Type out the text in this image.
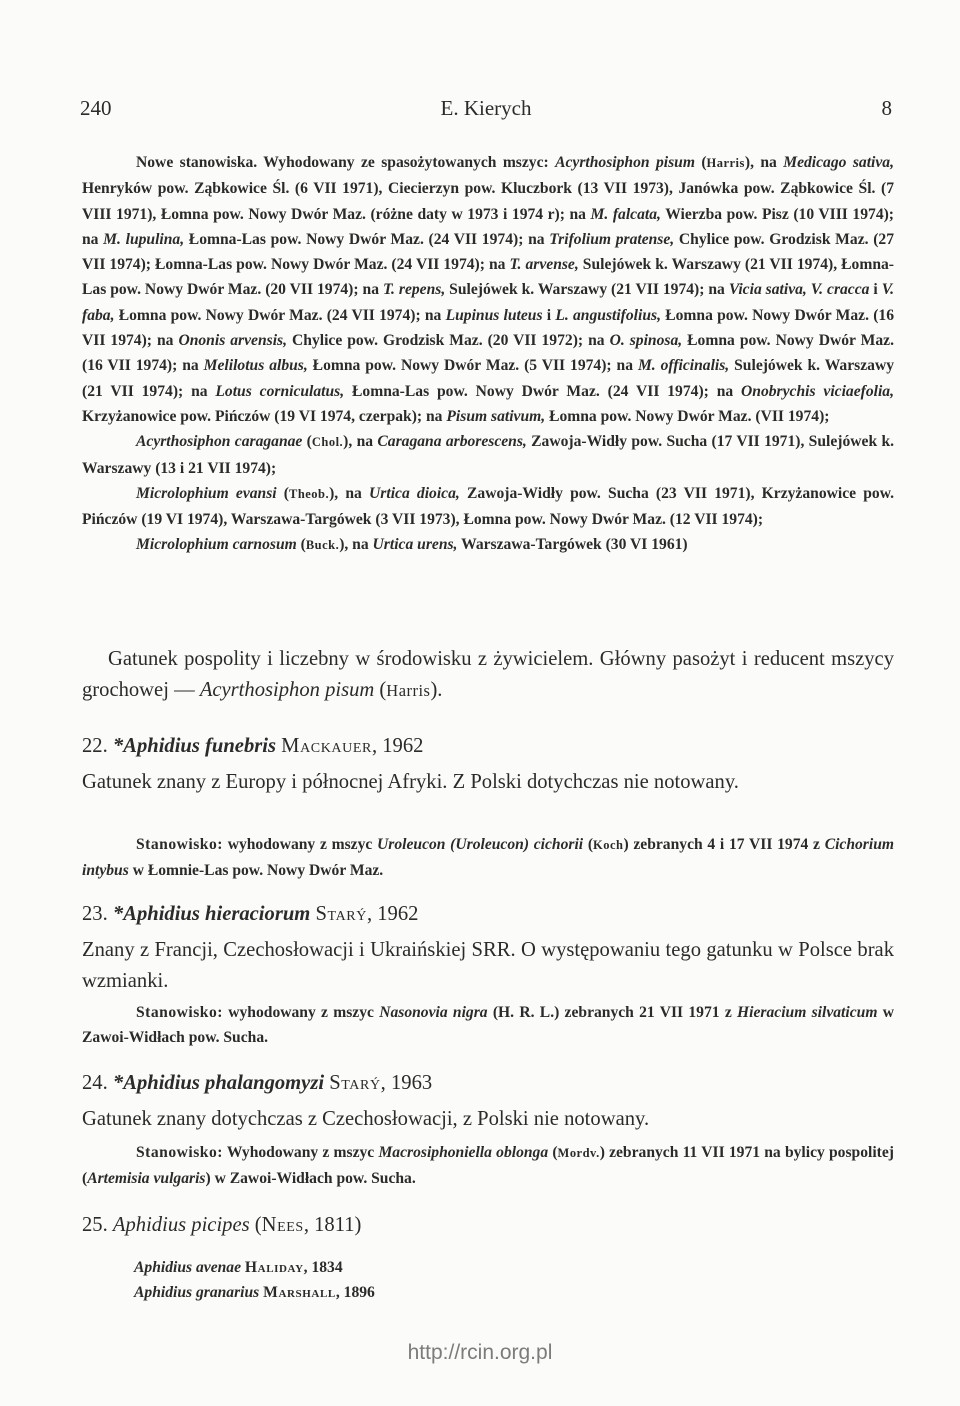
240	E. Kierych	8

Nowe stanowiska. Wyhodowany ze spasożytowanych mszyc: Acyrthosiphon pisum (Harris), na Medicago sativa, Henryków pow. Ząbkowice Śl. (6 VII 1971), Ciecierzyn pow. Kluczbork (13 VII 1973), Janówka pow. Ząbkowice Śl. (7 VIII 1971), Łomna pow. Nowy Dwór Maz. (różne daty w 1973 i 1974 r); na M. falcata, Wierzba pow. Pisz (10 VIII 1974); na M. lupulina, Łomna-Las pow. Nowy Dwór Maz. (24 VII 1974); na Trifolium pratense, Chylice pow. Grodzisk Maz. (27 VII 1974); Łomna-Las pow. Nowy Dwór Maz. (24 VII 1974); na T. arvense, Sulejówek k. Warszawy (21 VII 1974), Łomna-Las pow. Nowy Dwór Maz. (20 VII 1974); na T. repens, Sulejówek k. Warszawy (21 VII 1974); na Vicia sativa, V. cracca i V. faba, Łomna pow. Nowy Dwór Maz. (24 VII 1974); na Lupinus luteus i L. angustifolius, Łomna pow. Nowy Dwór Maz. (16 VII 1974); na Ononis arvensis, Chylice pow. Grodzisk Maz. (20 VII 1972); na O. spinosa, Łomna pow. Nowy Dwór Maz. (16 VII 1974); na Melilotus albus, Łomna pow. Nowy Dwór Maz. (5 VII 1974); na M. officinalis, Sulejówek k. Warszawy (21 VII 1974); na Lotus corniculatus, Łomna-Las pow. Nowy Dwór Maz. (24 VII 1974); na Onobrychis viciaefolia, Krzyżanowice pow. Pińczów (19 VI 1974, czerpak); na Pisum sativum, Łomna pow. Nowy Dwór Maz. (VII 1974);

Acyrthosiphon caraganae (Chol.), na Caragana arborescens, Zawoja-Widły pow. Sucha (17 VII 1971), Sulejówek k. Warszawy (13 i 21 VII 1974);

Microlophium evansi (Theob.), na Urtica dioica, Zawoja-Widły pow. Sucha (23 VII 1971), Krzyżanowice pow. Pińczów (19 VI 1974), Warszawa-Targówek (3 VII 1973), Łomna pow. Nowy Dwór Maz. (12 VII 1974);

Microlophium carnosum (Buck.), na Urtica urens, Warszawa-Targówek (30 VI 1961)

Gatunek pospolity i liczebny w środowisku z żywicielem. Główny pasożyt i reducent mszycy grochowej — Acyrthosiphon pisum (Harris).

22. *Aphidius funebris Mackauer, 1962

Gatunek znany z Europy i północnej Afryki. Z Polski dotychczas nie notowany.

Stanowisko: wyhodowany z mszyc Uroleucon (Uroleucon) cichorii (Koch) zebranych 4 i 17 VII 1974 z Cichorium intybus w Łomnie-Las pow. Nowy Dwór Maz.
23. *Aphidius hieraciorum Starý, 1962

Znany z Francji, Czechosłowacji i Ukraińskiej SRR. O występowaniu tego gatunku w Polsce brak wzmianki.

Stanowisko: wyhodowany z mszyc Nasonovia nigra (H. R. L.) zebranych 21 VII 1971 z Hieracium silvaticum w Zawoi-Widłach pow. Sucha.
24. *Aphidius phalangomyzi Starý, 1963

Gatunek znany dotychczas z Czechosłowacji, z Polski nie notowany.

Stanowisko: Wyhodowany z mszyc Macrosiphoniella oblonga (Mordv.) zebranych 11 VII 1971 na bylicy pospolitej (Artemisia vulgaris) w Zawoi-Widłach pow. Sucha.
25. Aphidius picipes (Nees, 1811)
Aphidius avenae Haliday, 1834
Aphidius granarius Marshall, 1896
http://rcin.org.pl
